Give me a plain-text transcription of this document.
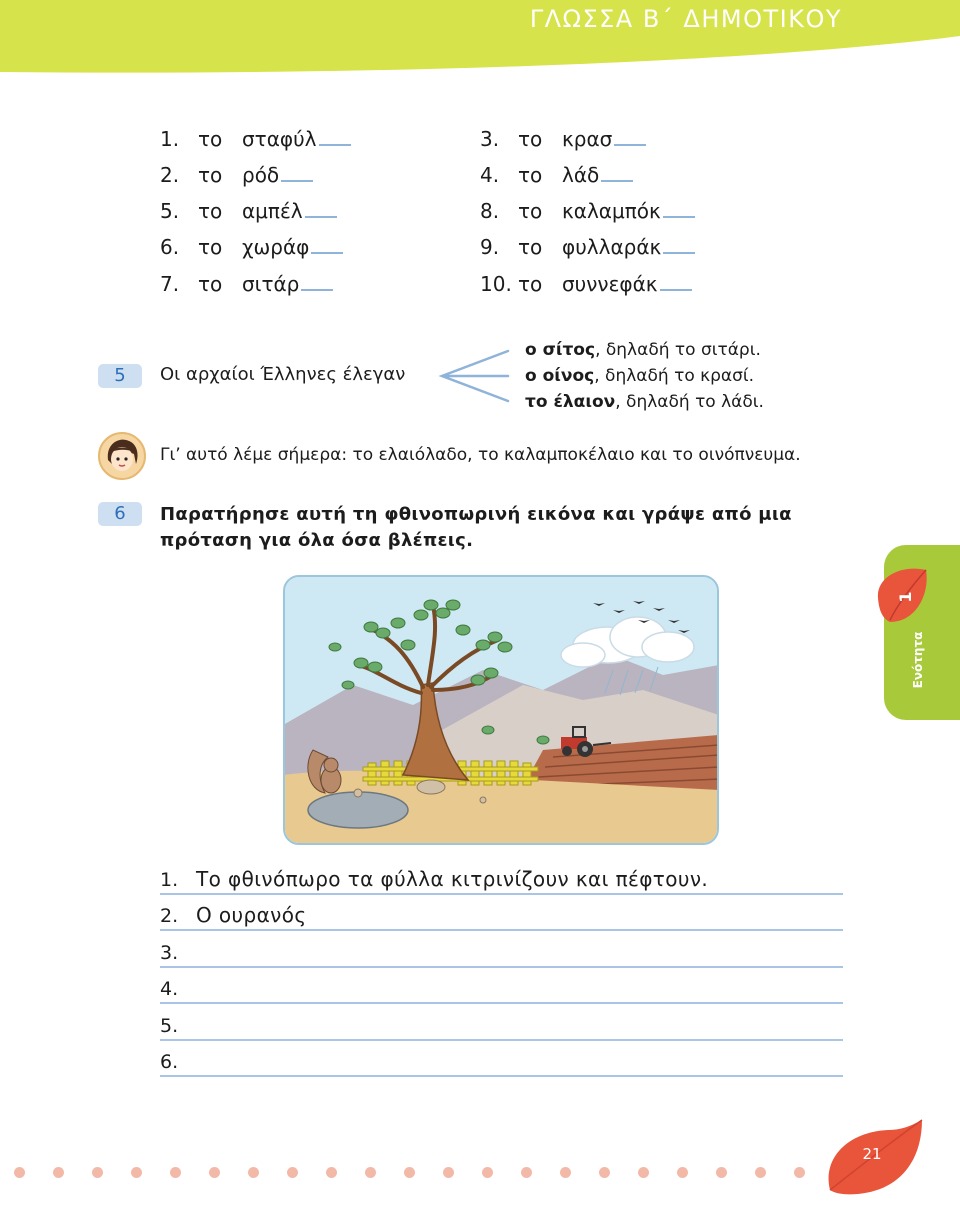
ΓΛΩΣΣΑ Β΄ ΔΗΜΟΤΙΚΟΥ
1. το σταφύλ
2. το ρόδ
5. το αμπέλ
6. το χωράφ
7. το σιτάρ
3. το κρασ
4. το λάδ
8. το καλαμπόκ
9. το φυλλαράκ
10. το συννεφάκ
5	Οι αρχαίοι Έλληνες έλεγαν
ο σίτος, δηλαδή το σιτάρι.
ο οίνος, δηλαδή το κρασί.
το έλαιον, δηλαδή το λάδι.
Γι’ αυτό λέμε σήμερα: το ελαιόλαδο, το καλαμποκέλαιο και το οινόπνευμα.
6	Παρατήρησε αυτή τη φθινοπωρινή εικόνα και γράψε από μια πρόταση για όλα όσα βλέπεις.
1. Το φθινόπωρο τα φύλλα κιτρινίζουν και πέφτουν.
2. Ο ουρανός
3.
4.
5.
6.
1
Ενότητα
21
